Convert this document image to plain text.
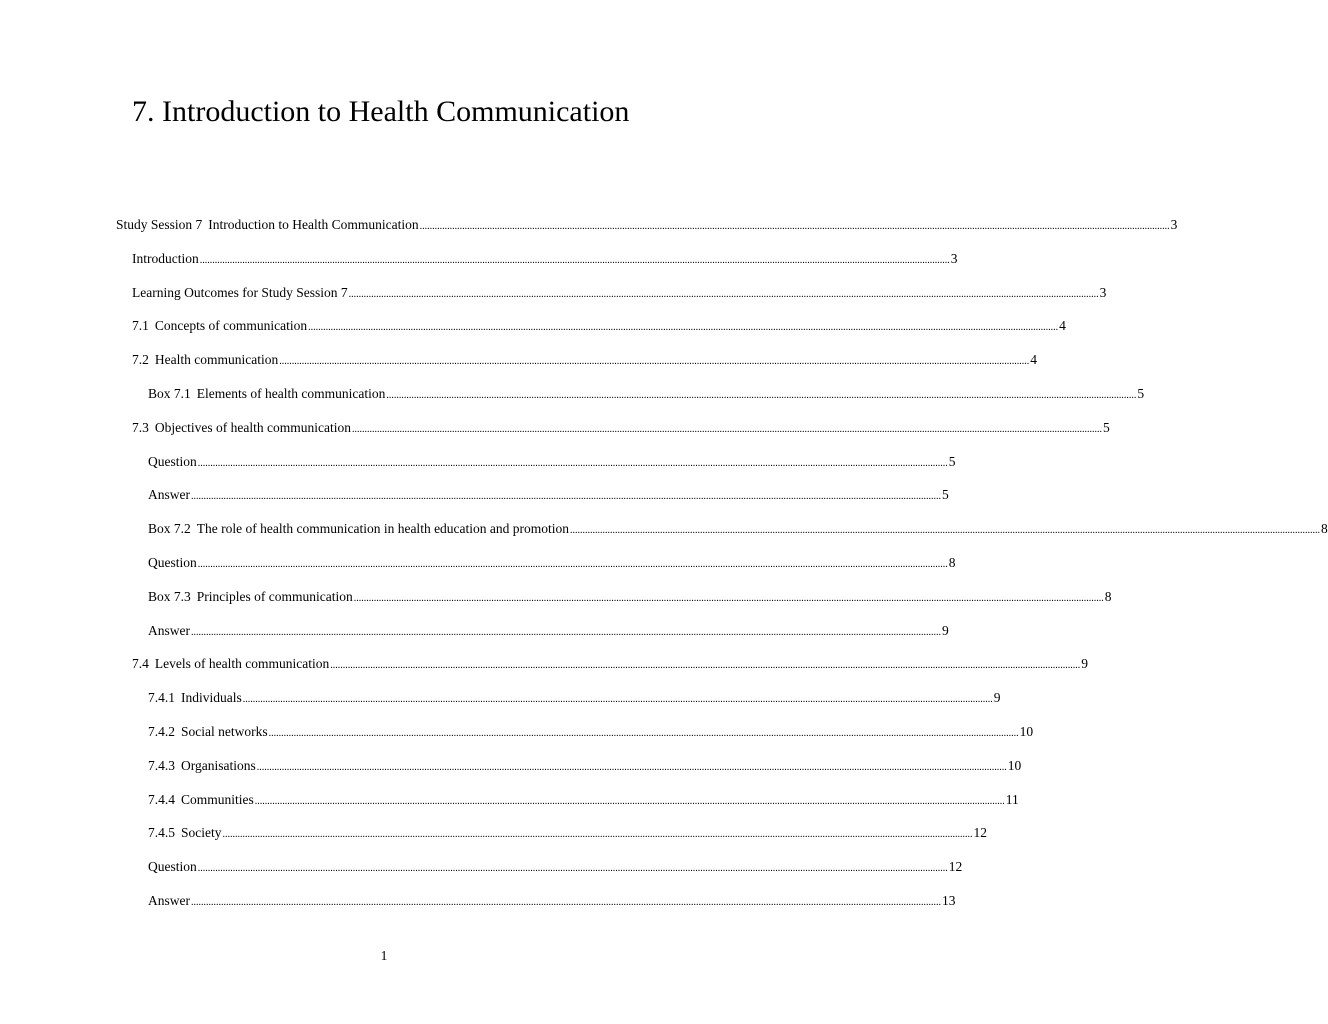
7. Introduction to Health Communication
Study Session 7 Introduction to Health Communication ............................................................................................................................................................................................................................................................................................................ 3
Introduction ............................................................................................................................................................................................................................................................................................................ 3
Learning Outcomes for Study Session 7 ............................................................................................................................................................................................................................................................................................................ 3
7.1 Concepts of communication ............................................................................................................................................................................................................................................................................................................ 4
7.2 Health communication ............................................................................................................................................................................................................................................................................................................ 4
Box 7.1 Elements of health communication ............................................................................................................................................................................................................................................................................................................ 5
7.3 Objectives of health communication ............................................................................................................................................................................................................................................................................................................ 5
Question ............................................................................................................................................................................................................................................................................................................ 5
Answer ............................................................................................................................................................................................................................................................................................................ 5
Box 7.2 The role of health communication in health education and promotion ............................................................................................................................................................................................................................................................................................................ 8
Question ............................................................................................................................................................................................................................................................................................................ 8
Box 7.3 Principles of communication ............................................................................................................................................................................................................................................................................................................ 8
Answer ............................................................................................................................................................................................................................................................................................................ 9
7.4 Levels of health communication ............................................................................................................................................................................................................................................................................................................ 9
7.4.1 Individuals ............................................................................................................................................................................................................................................................................................................ 9
7.4.2 Social networks ............................................................................................................................................................................................................................................................................................................ 10
7.4.3 Organisations ............................................................................................................................................................................................................................................................................................................ 10
7.4.4 Communities ............................................................................................................................................................................................................................................................................................................ 11
7.4.5 Society ............................................................................................................................................................................................................................................................................................................ 12
Question ............................................................................................................................................................................................................................................................................................................ 12
Answer ............................................................................................................................................................................................................................................................................................................ 13
1
